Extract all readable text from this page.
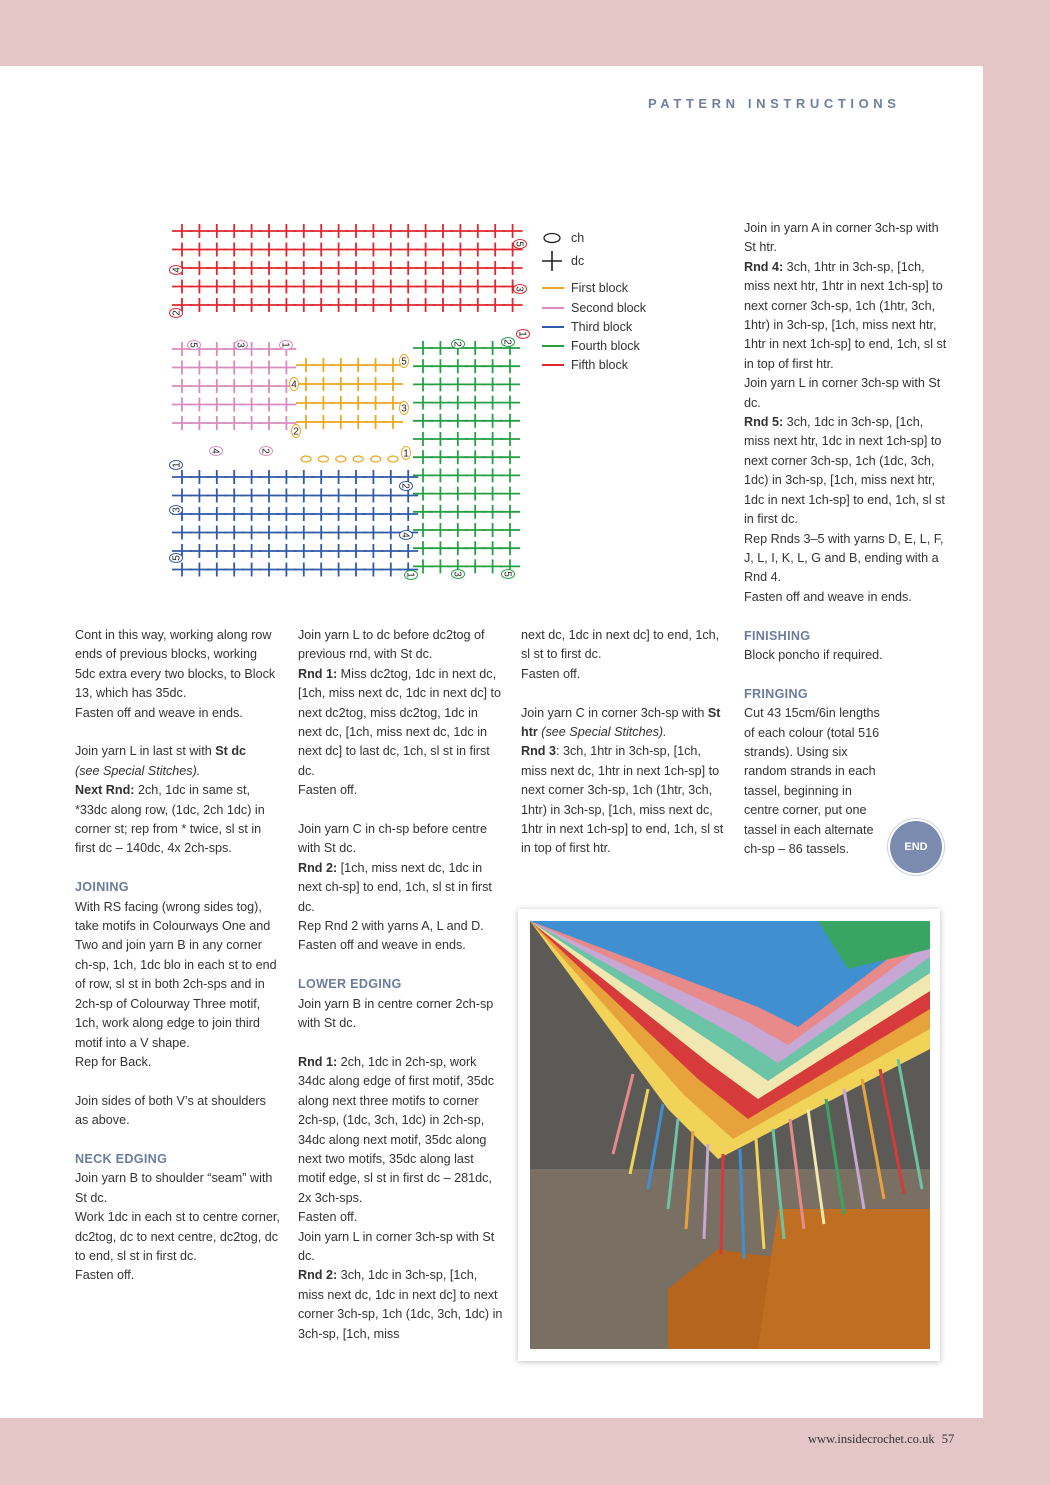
PATTERN INSTRUCTIONS
5
4
3
2
1
5	3	1
4	2
5
4
3
2
1
2	2
1	3	5
1
2
3
4
5
ch
dc
First block
Second block
Third block
Fourth block
Fifth block

Cont in this way, working along row ends of previous blocks, working 5dc extra every two blocks, to Block 13, which has 35dc.

Fasten off and weave in ends.

Join yarn L in last st with St dc
(see Special Stitches).

Next Rnd: 2ch, 1dc in same st, *33dc along row, (1dc, 2ch 1dc) in corner st; rep from * twice, sl st in first dc – 140dc, 4x 2ch-sps.

JOINING

With RS facing (wrong sides tog), take motifs in Colourways One and Two and join yarn B in any corner ch-sp, 1ch, 1dc blo in each st to end of row, sl st in both 2ch-sps and in 2ch-sp of Colourway Three motif, 1ch, work along edge to join third motif into a V shape.

Rep for Back.

Join sides of both V’s at shoulders as above.

NECK EDGING

Join yarn B to shoulder “seam” with St dc.

Work 1dc in each st to centre corner, dc2tog, dc to next centre, dc2tog, dc to end, sl st in first dc.

Fasten off.

Join yarn L to dc before dc2tog of previous rnd, with St dc.

Rnd 1: Miss dc2tog, 1dc in next dc, [1ch, miss next dc, 1dc in next dc] to next dc2tog, miss dc2tog, 1dc in next dc, [1ch, miss next dc, 1dc in next dc] to last dc, 1ch, sl st in first dc.

Fasten off.

Join yarn C in ch-sp before centre with St dc.

Rnd 2: [1ch, miss next dc, 1dc in next ch-sp] to end, 1ch, sl st in first dc.

Rep Rnd 2 with yarns A, L and D.

Fasten off and weave in ends.

LOWER EDGING

Join yarn B in centre corner 2ch-sp with St dc.

Rnd 1: 2ch, 1dc in 2ch-sp, work 34dc along edge of first motif, 35dc along next three motifs to corner 2ch-sp, (1dc, 3ch, 1dc) in 2ch-sp, 34dc along next motif, 35dc along next two motifs, 35dc along last motif edge, sl st in first dc – 281dc, 2x 3ch-sps.

Fasten off.

Join yarn L in corner 3ch-sp with St dc.

Rnd 2: 3ch, 1dc in 3ch-sp, [1ch, miss next dc, 1dc in next dc] to next corner 3ch-sp, 1ch (1dc, 3ch, 1dc) in 3ch-sp, [1ch, miss

next dc, 1dc in next dc] to end, 1ch, sl st to first dc.

Fasten off.

Join yarn C in corner 3ch-sp with St htr (see Special Stitches).

Rnd 3: 3ch, 1htr in 3ch-sp, [1ch, miss next dc, 1htr in next 1ch-sp] to next corner 3ch-sp, 1ch (1htr, 3ch, 1htr) in 3ch-sp, [1ch, miss next dc, 1htr in next 1ch-sp] to end, 1ch, sl st in top of first htr.

Join in yarn A in corner 3ch-sp with St htr.

Rnd 4: 3ch, 1htr in 3ch-sp, [1ch, miss next htr, 1htr in next 1ch-sp] to next corner 3ch-sp, 1ch (1htr, 3ch, 1htr) in 3ch-sp, [1ch, miss next htr, 1htr in next 1ch-sp] to end, 1ch, sl st in top of first htr.

Join yarn L in corner 3ch-sp with St dc.

Rnd 5: 3ch, 1dc in 3ch-sp, [1ch, miss next htr, 1dc in next 1ch-sp] to next corner 3ch-sp, 1ch (1dc, 3ch, 1dc) in 3ch-sp, [1ch, miss next htr, 1dc in next 1ch-sp] to end, 1ch, sl st in first dc.

Rep Rnds 3–5 with yarns D, E, L, F, J, L, I, K, L, G and B, ending with a Rnd 4.

Fasten off and weave in ends.

FINISHING

Block poncho if required.

FRINGING

Cut 43 15cm/6in lengths of each colour (total 516 strands). Using six random strands in each tassel, beginning in centre corner, put one tassel in each alternate ch-sp – 86 tassels.	END
www.insidecrochet.co.uk 57
